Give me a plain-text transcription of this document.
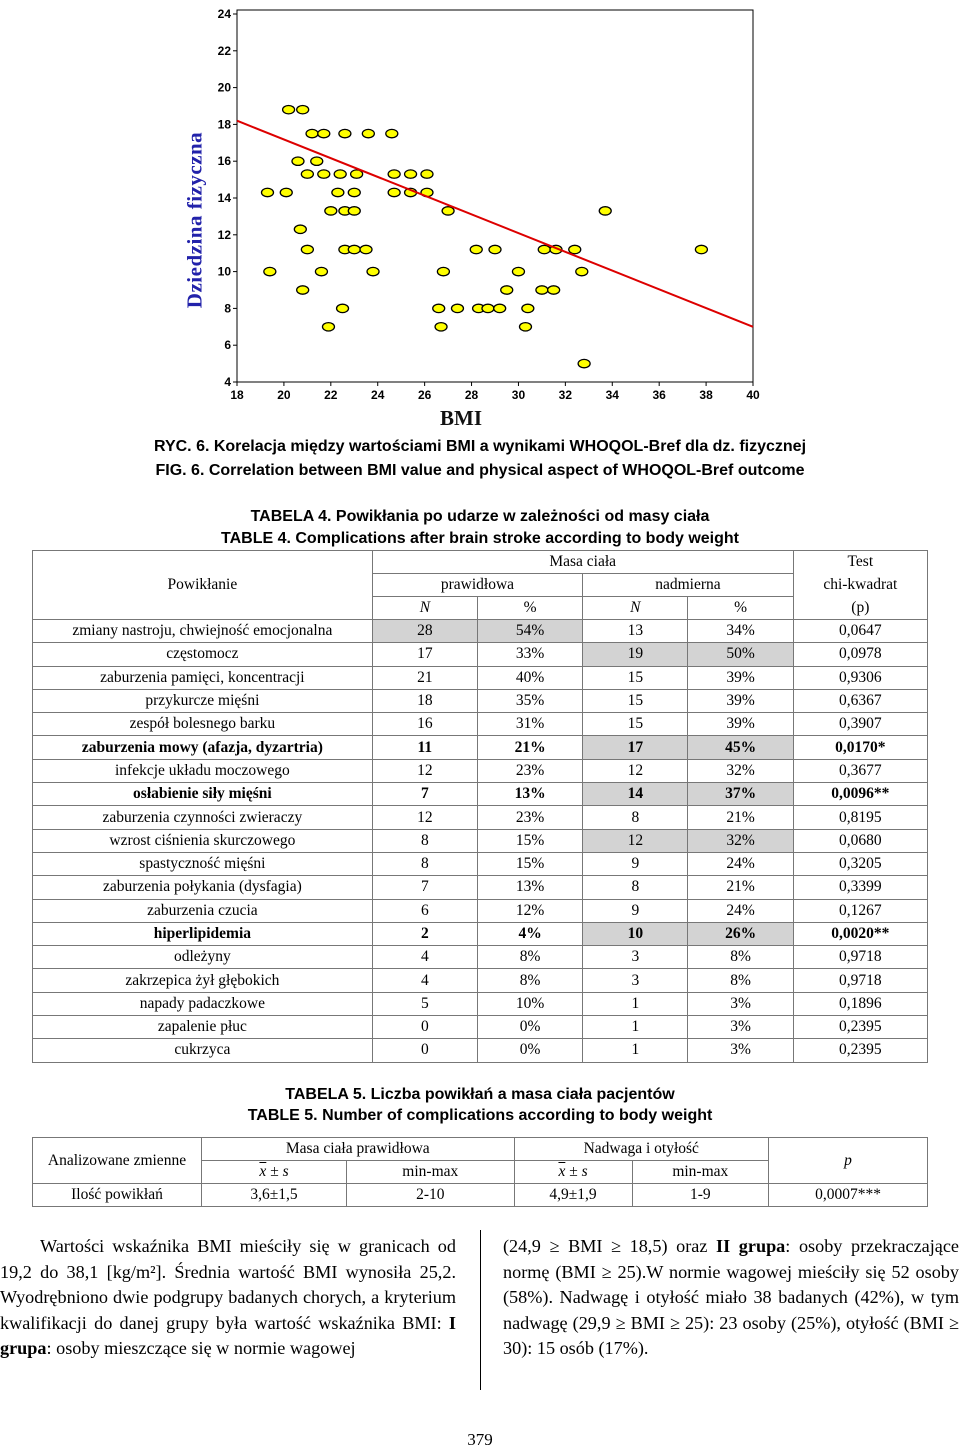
Dziedzina fizyczna
4
6
8
10
12
14
16
18
20
22
24
18	20	22	24	26	28	30	32	34	36	38	40
BMI
RYC. 6. Korelacja między wartościami BMI a wynikami WHOQOL-Bref dla dz. fizycznej
FIG. 6. Correlation between BMI value and physical aspect of WHOQOL-Bref outcome
TABELA 4. Powikłania po udarze w zależności od masy ciała
TABLE 4. Complications after brain stroke according to body weight
Powikłanie	Masa ciała				Test
	prawidłowa		nadmierna		chi-kwadrat
	N	%	N	%	(p)
zmiany nastroju, chwiejność emocjonalna	28	54%	13	34%	0,0647
częstomocz	17	33%	19	50%	0,0978
zaburzenia pamięci, koncentracji	21	40%	15	39%	0,9306
przykurcze mięśni	18	35%	15	39%	0,6367
zespół bolesnego barku	16	31%	15	39%	0,3907
zaburzenia mowy (afazja, dyzartria)	11	21%	17	45%	0,0170*
infekcje układu moczowego	12	23%	12	32%	0,3677
osłabienie siły mięśni	7	13%	14	37%	0,0096**
zaburzenia czynności zwieraczy	12	23%	8	21%	0,8195
wzrost ciśnienia skurczowego	8	15%	12	32%	0,0680
spastyczność mięśni	8	15%	9	24%	0,3205
zaburzenia połykania (dysfagia)	7	13%	8	21%	0,3399
zaburzenia czucia	6	12%	9	24%	0,1267
hiperlipidemia	2	4%	10	26%	0,0020**
odleżyny	4	8%	3	8%	0,9718
zakrzepica żył głębokich	4	8%	3	8%	0,9718
napady padaczkowe	5	10%	1	3%	0,1896
zapalenie płuc	0	0%	1	3%	0,2395
cukrzyca	0	0%	1	3%	0,2395
TABELA 5. Liczba powikłań a masa ciała pacjentów
TABLE 5. Number of complications according to body weight
Analizowane zmienne	Masa ciała prawidłowa		Nadwaga i otyłość		p
	$\overline{x} \pm s$	min-max	$\overline{x} \pm s$	min-max	
Ilość powikłań	3,6±1,5	2-10	4,9±1,9	1-9	0,0007***
Wartości wskaźnika BMI mieściły się w granicach od 19,2 do 38,1 [kg/m²]. Średnia wartość BMI wynosiła 25,2. Wyodrębniono dwie podgrupy badanych chorych, a kryterium kwalifikacji do danej grupy była wartość wskaźnika BMI: I grupa: osoby mieszczące się w normie wagowej
(24,9 ≥ BMI ≥ 18,5) oraz II grupa: osoby przekraczające normę (BMI ≥ 25).W normie wagowej mieściły się 52 osoby (58%). Nadwagę i otyłość miało 38 badanych (42%), w tym nadwagę (29,9 ≥ BMI ≥ 25): 23 osoby (25%), otyłość (BMI ≥ 30): 15 osób (17%).
379
